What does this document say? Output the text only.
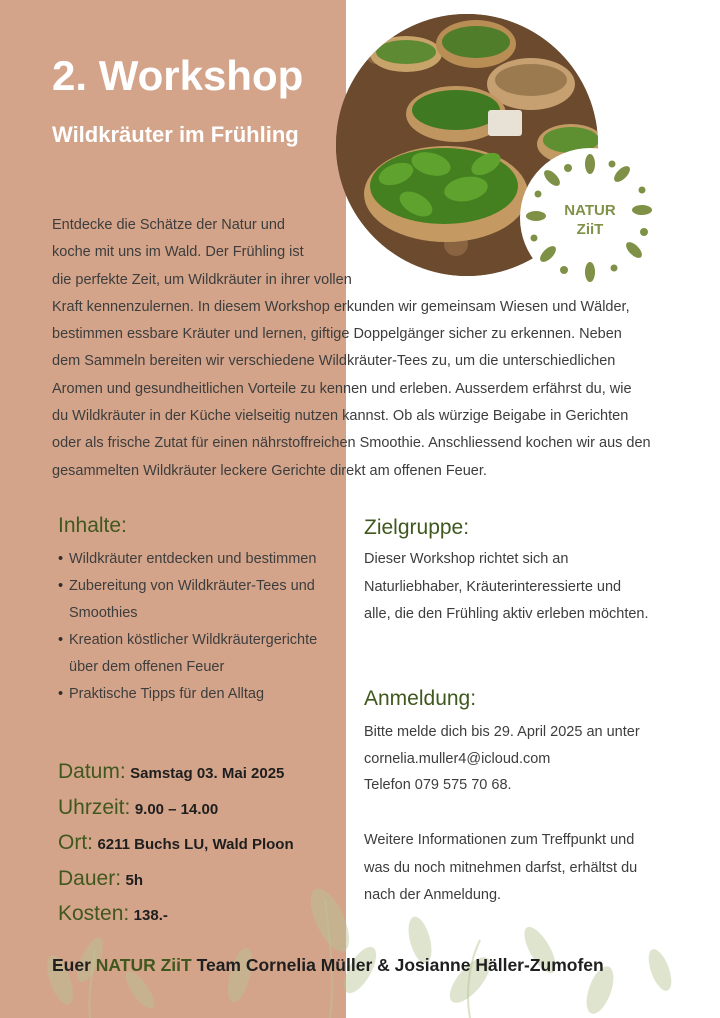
2. Workshop
Wildkräuter im Frühling
NATUR
ZiiT
Entdecke die Schätze der Natur und
koche mit uns im Wald. Der Frühling ist
die perfekte Zeit, um Wildkräuter in ihrer vollen
Kraft kennenzulernen. In diesem Workshop erkunden wir gemeinsam Wiesen und Wälder,
bestimmen essbare Kräuter und lernen, giftige Doppelgänger sicher zu erkennen. Neben
dem Sammeln bereiten wir verschiedene Wildkräuter-Tees zu, um die unterschiedlichen
Aromen und gesundheitlichen Vorteile zu kennen und erleben. Ausserdem erfährst du, wie
du Wildkräuter in der Küche vielseitig nutzen kannst. Ob als würzige Beigabe in Gerichten
oder als frische Zutat für einen nährstoffreichen Smoothie. Anschliessend kochen wir aus den
gesammelten Wildkräuter leckere Gerichte direkt am offenen Feuer.
Inhalte:
• Wildkräuter entdecken und bestimmen
• Zubereitung von Wildkräuter-Tees und Smoothies
• Kreation köstlicher Wildkräutergerichte über dem offenen Feuer
• Praktische Tipps für den Alltag
Zielgruppe:
Dieser Workshop richtet sich an
Naturliebhaber, Kräuterinteressierte und
alle, die den Frühling aktiv erleben möchten.
Anmeldung:
Bitte melde dich bis 29. April 2025 an unter
cornelia.muller4@icloud.com
Telefon 079 575 70 68.
Weitere Informationen zum Treffpunkt und
was du noch mitnehmen darfst, erhältst du
nach der Anmeldung.
Datum: Samstag 03. Mai 2025
Uhrzeit: 9.00 – 14.00
Ort: 6211 Buchs LU, Wald Ploon
Dauer: 5h
Kosten: 138.-
Euer NATUR ZiiT Team Cornelia Müller & Josianne Häller-Zumofen
